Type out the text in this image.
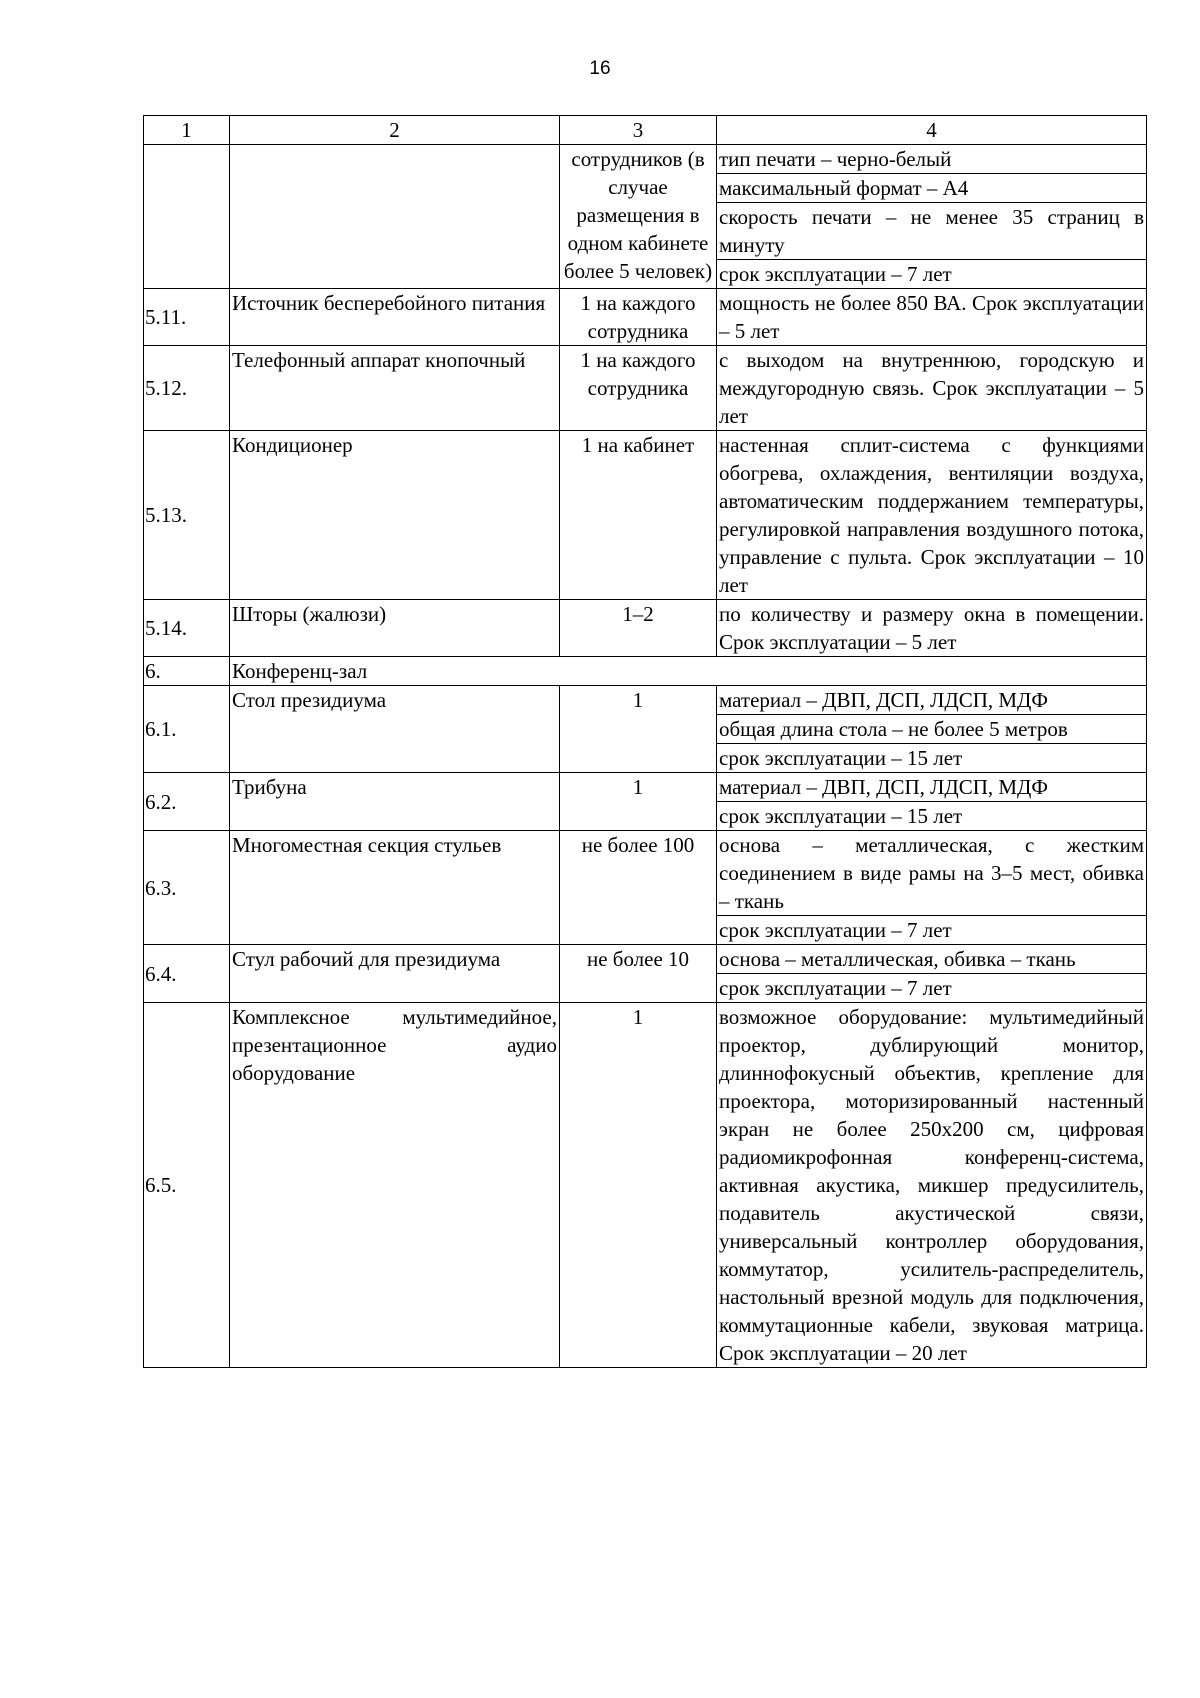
16
1	2	3	4
		сотрудников (в случае размещения в одном кабинете более 5 человек)	тип печати – черно-белый
максимальный формат – А4
скорость печати – не менее 35 страниц в минуту
срок эксплуатации – 7 лет

5.11.	Источник бесперебойного питания	1 на каждого сотрудника	мощность не более 850 ВА. Срок эксплуатации – 5 лет

5.12.	Телефонный аппарат кнопочный	1 на каждого сотрудника	с выходом на внутреннюю, городскую и междугородную связь. Срок эксплуатации – 5 лет

5.13.	Кондиционер	1 на кабинет	настенная сплит-система с функциями обогрева, охлаждения, вентиляции воздуха, автоматическим поддержанием температуры, регулировкой направления воздушного потока, управление с пульта. Срок эксплуатации – 10 лет

5.14.	Шторы (жалюзи)	1–2	по количеству и размеру окна в помещении. Срок эксплуатации – 5 лет

6.	Конференц-зал		
6.1.	Стол президиума	1	материал – ДВП, ДСП, ЛДСП, МДФ
общая длина стола – не более 5 метров
срок эксплуатации – 15 лет

6.2.	Трибуна	1	материал – ДВП, ДСП, ЛДСП, МДФ
срок эксплуатации – 15 лет

6.3.	Многоместная секция стульев	не более 100	основа – металлическая, с жестким соединением в виде рамы на 3–5 мест, обивка – ткань
срок эксплуатации – 7 лет

6.4.	Стул рабочий для президиума	не более 10	основа – металлическая, обивка – ткань
срок эксплуатации – 7 лет

6.5.	Комплексное мультимедийное, презентационное аудио оборудование	1	возможное оборудование: мультимедийный проектор, дублирующий монитор, длиннофокусный объектив, крепление для проектора, моторизированный настенный экран не более 250х200 см, цифровая радиомикрофонная конференц-система, активная акустика, микшер предусилитель, подавитель акустической связи, универсальный контроллер оборудования, коммутатор, усилитель-распределитель, настольный врезной модуль для подключения, коммутационные кабели, звуковая матрица. Срок эксплуатации – 20 лет
